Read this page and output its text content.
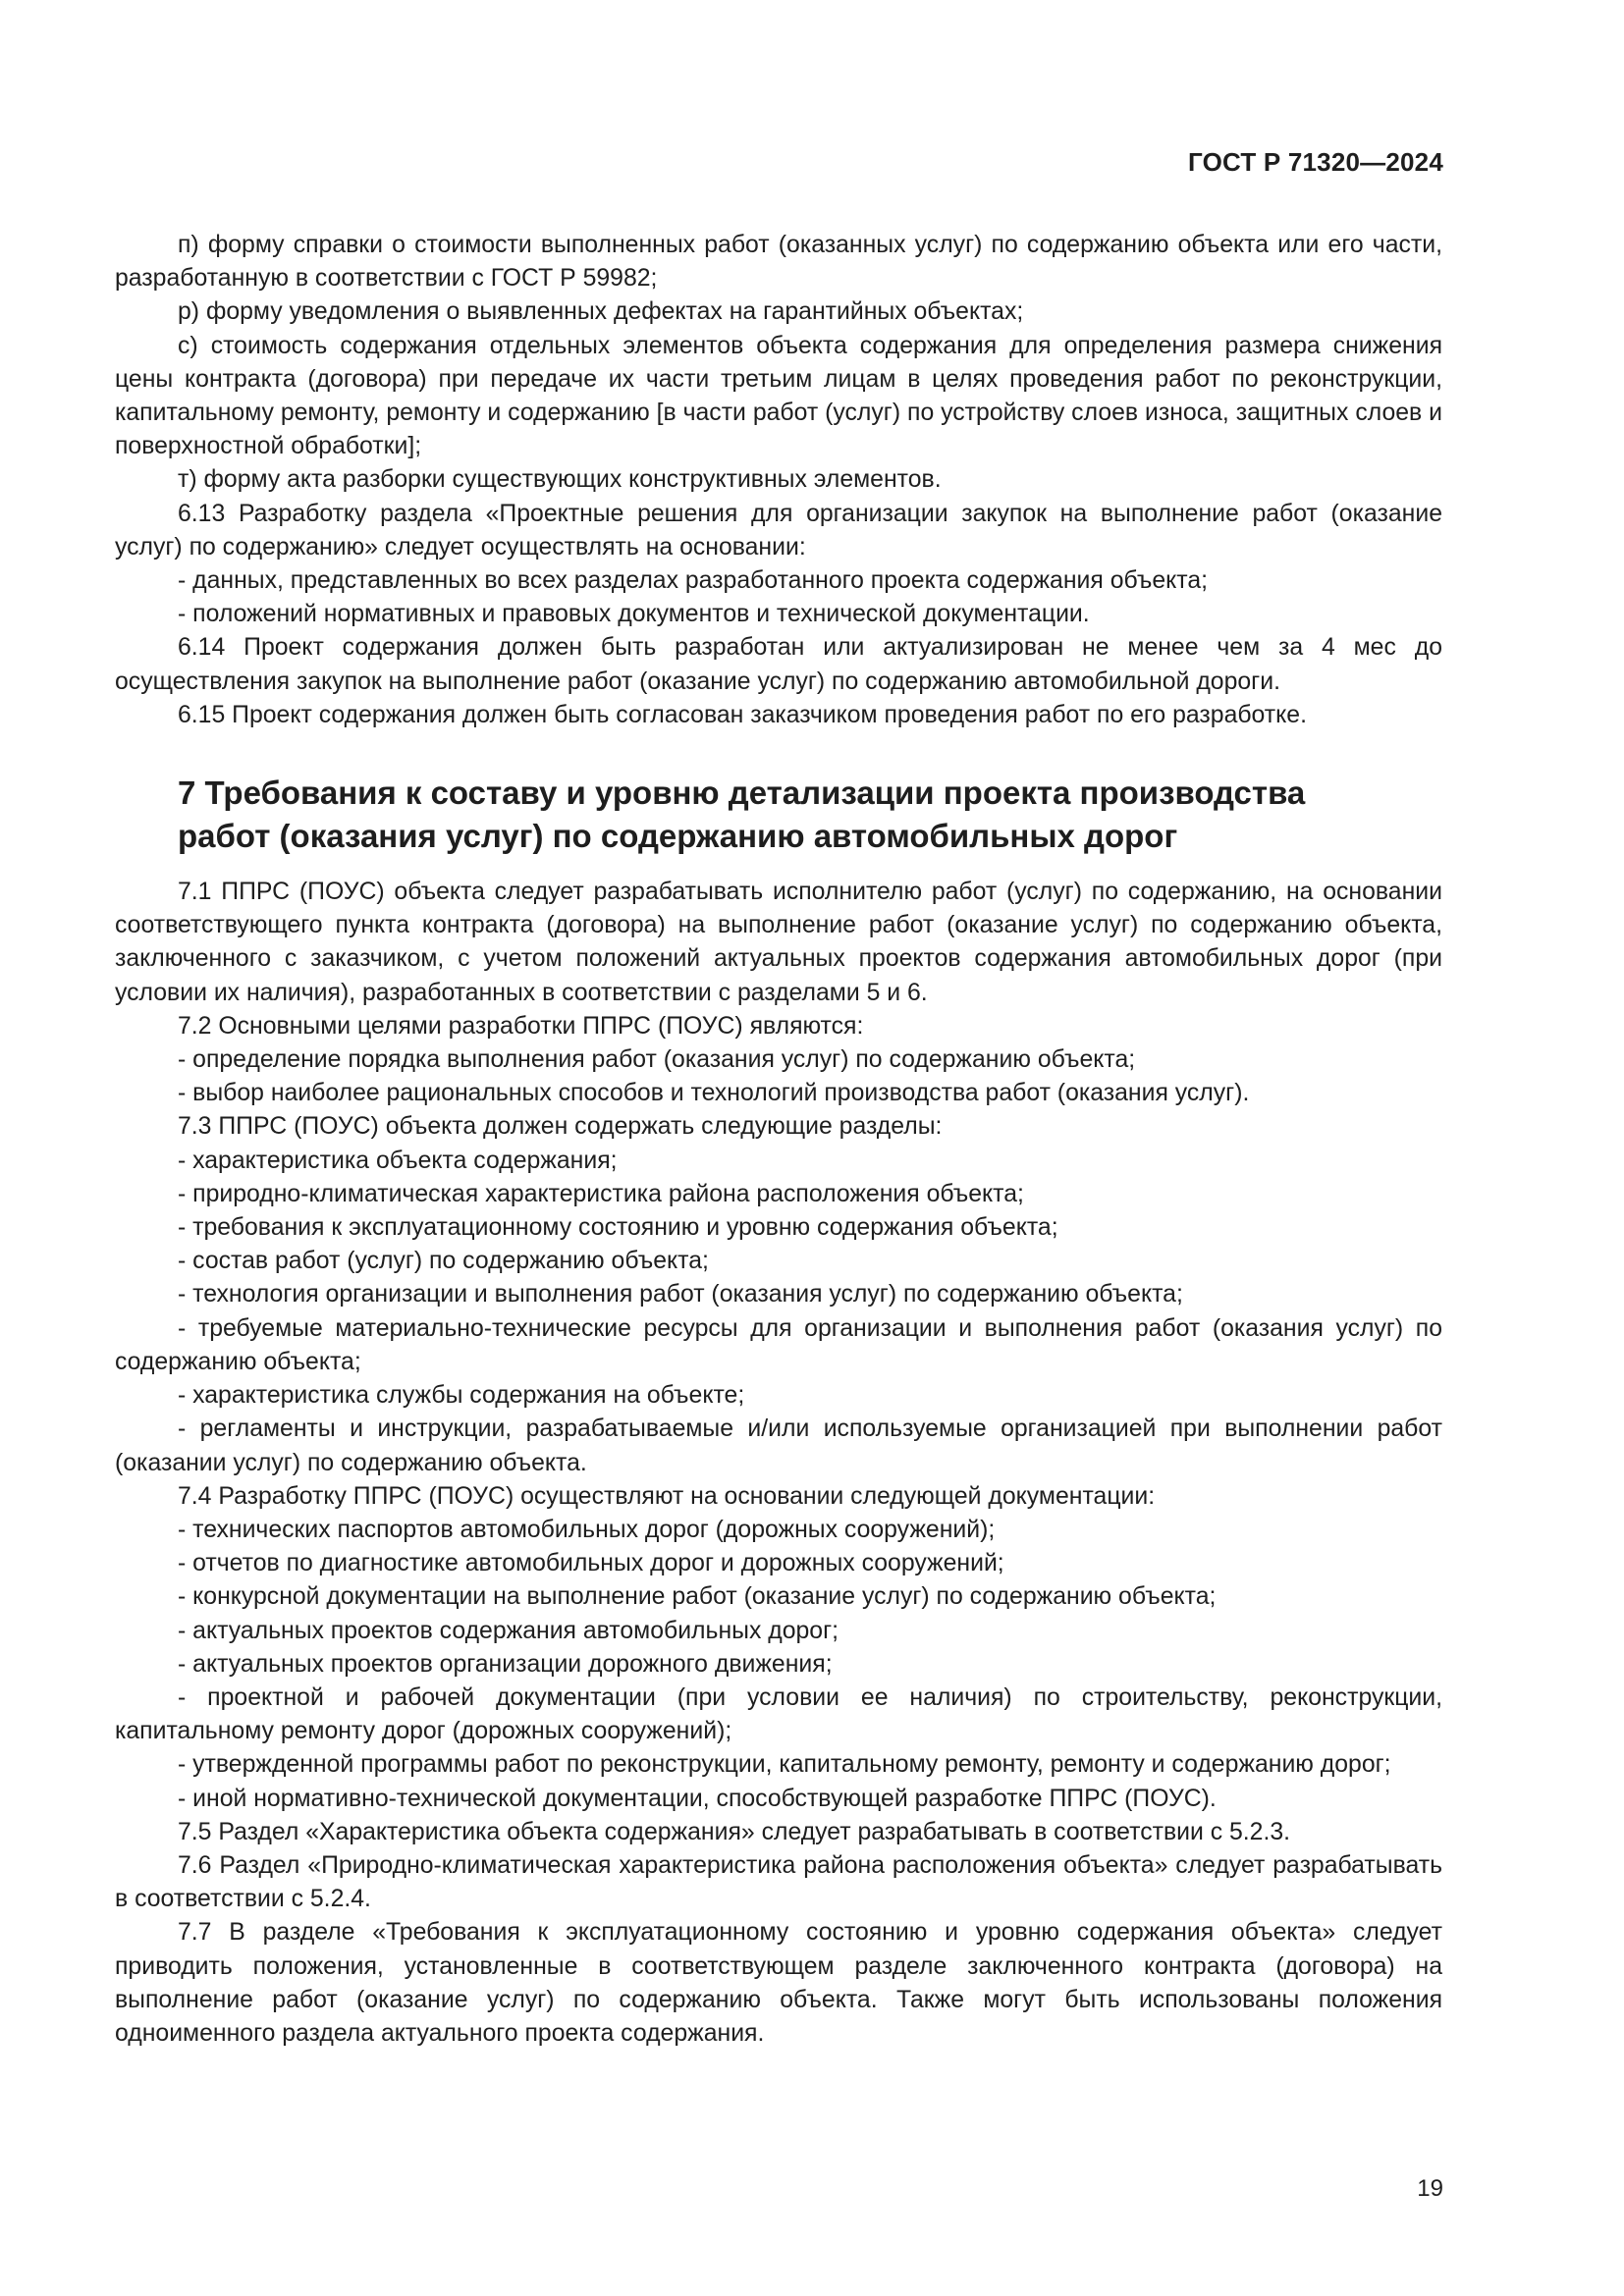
ГОСТ Р 71320—2024

п) форму справки о стоимости выполненных работ (оказанных услуг) по содержанию объекта или его части, разработанную в соответствии с ГОСТ Р 59982;

р) форму уведомления о выявленных дефектах на гарантийных объектах;

с) стоимость содержания отдельных элементов объекта содержания для определения размера снижения цены контракта (договора) при передаче их части третьим лицам в целях проведения работ по реконструкции, капитальному ремонту, ремонту и содержанию [в части работ (услуг) по устройству слоев износа, защитных слоев и поверхностной обработки];

т) форму акта разборки существующих конструктивных элементов.

6.13 Разработку раздела «Проектные решения для организации закупок на выполнение работ (оказание услуг) по содержанию» следует осуществлять на основании:

- данных, представленных во всех разделах разработанного проекта содержания объекта;

- положений нормативных и правовых документов и технической документации.

6.14 Проект содержания должен быть разработан или актуализирован не менее чем за 4 мес до осуществления закупок на выполнение работ (оказание услуг) по содержанию автомобильной дороги.

6.15 Проект содержания должен быть согласован заказчиком проведения работ по его разработке.

7 Требования к составу и уровню детализации проекта производства
работ (оказания услуг) по содержанию автомобильных дорог

7.1 ППРС (ПОУС) объекта следует разрабатывать исполнителю работ (услуг) по содержанию, на основании соответствующего пункта контракта (договора) на выполнение работ (оказание услуг) по содержанию объекта, заключенного с заказчиком, с учетом положений актуальных проектов содержания автомобильных дорог (при условии их наличия), разработанных в соответствии с разделами 5 и 6.

7.2 Основными целями разработки ППРС (ПОУС) являются:

- определение порядка выполнения работ (оказания услуг) по содержанию объекта;

- выбор наиболее рациональных способов и технологий производства работ (оказания услуг).

7.3 ППРС (ПОУС) объекта должен содержать следующие разделы:

- характеристика объекта содержания;

- природно-климатическая характеристика района расположения объекта;

- требования к эксплуатационному состоянию и уровню содержания объекта;

- состав работ (услуг) по содержанию объекта;

- технология организации и выполнения работ (оказания услуг) по содержанию объекта;

- требуемые материально-технические ресурсы для организации и выполнения работ (оказания услуг) по содержанию объекта;

- характеристика службы содержания на объекте;

- регламенты и инструкции, разрабатываемые и/или используемые организацией при выполнении работ (оказании услуг) по содержанию объекта.

7.4 Разработку ППРС (ПОУС) осуществляют на основании следующей документации:

- технических паспортов автомобильных дорог (дорожных сооружений);

- отчетов по диагностике автомобильных дорог и дорожных сооружений;

- конкурсной документации на выполнение работ (оказание услуг) по содержанию объекта;

- актуальных проектов содержания автомобильных дорог;

- актуальных проектов организации дорожного движения;

- проектной и рабочей документации (при условии ее наличия) по строительству, реконструкции, капитальному ремонту дорог (дорожных сооружений);

- утвержденной программы работ по реконструкции, капитальному ремонту, ремонту и содержанию дорог;

- иной нормативно-технической документации, способствующей разработке ППРС (ПОУС).

7.5 Раздел «Характеристика объекта содержания» следует разрабатывать в соответствии с 5.2.3.

7.6 Раздел «Природно-климатическая характеристика района расположения объекта» следует разрабатывать в соответствии с 5.2.4.

7.7 В разделе «Требования к эксплуатационному состоянию и уровню содержания объекта» следует приводить положения, установленные в соответствующем разделе заключенного контракта (договора) на выполнение работ (оказание услуг) по содержанию объекта. Также могут быть использованы положения одноименного раздела актуального проекта содержания.

19
